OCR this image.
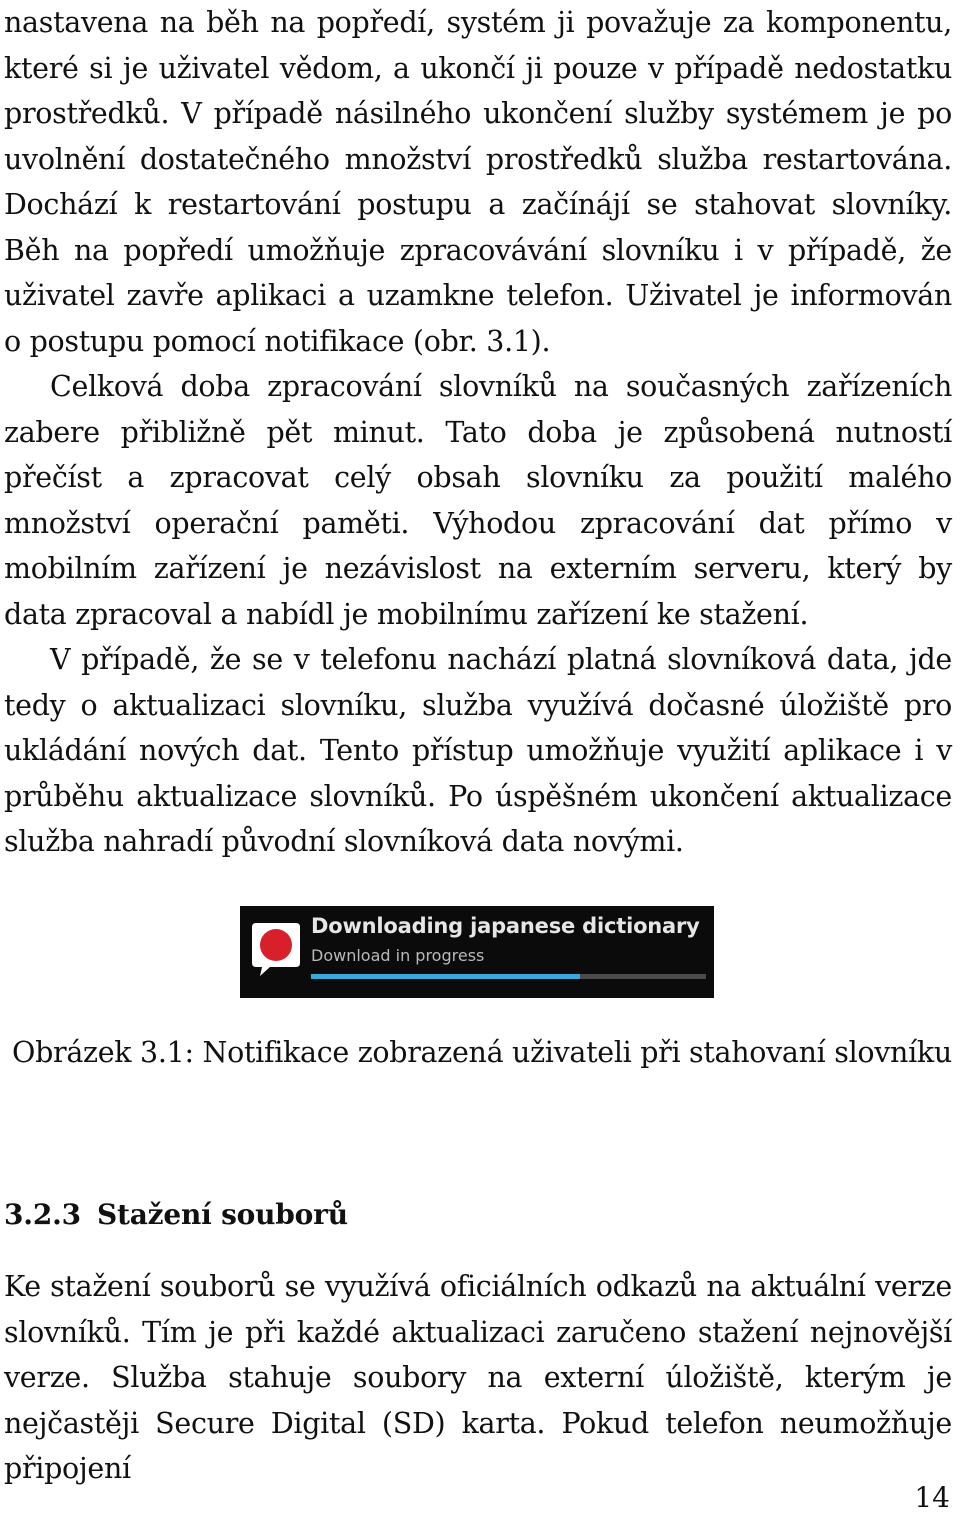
nastavena na běh na popředí, systém ji považuje za komponentu, které si je uživatel vědom, a ukončí ji pouze v případě nedostatku prostředků. V případě násilného ukončení služby systémem je po uvolnění dostatečného množství prostředků služba restartována. Dochází k restartování postupu a začínájí se stahovat slovníky. Běh na popředí umožňuje zpracovávání slovníku i v případě, že uživatel zavře aplikaci a uzamkne telefon. Uživatel je informován o postupu pomocí notifikace (obr. 3.1).

Celková doba zpracování slovníků na současných zařízeních zabere přibližně pět minut. Tato doba je způsobená nutností přečíst a zpracovat celý obsah slovníku za použití malého množství operační paměti. Výhodou zpracování dat přímo v mobilním zařízení je nezávislost na externím serveru, který by data zpracoval a nabídl je mobilnímu zařízení ke stažení.

V případě, že se v telefonu nachází platná slovníková data, jde tedy o aktualizaci slovníku, služba využívá dočasné úložiště pro ukládání nových dat. Tento přístup umožňuje využití aplikace i v průběhu aktualizace slovníků. Po úspěšném ukončení aktualizace služba nahradí původní slovníková data novými.

Downloading japanese dictionary
Download in progress
Obrázek 3.1: Notifikace zobrazená uživateli při stahovaní slovníku
3.2.3 Stažení souborů

Ke stažení souborů se využívá oficiálních odkazů na aktuální verze slovníků. Tím je při každé aktualizaci zaručeno stažení nejnovější verze. Služba stahuje soubory na externí úložiště, kterým je nejčastěji Secure Digital (SD) karta. Pokud telefon neumožňuje připojení

14
